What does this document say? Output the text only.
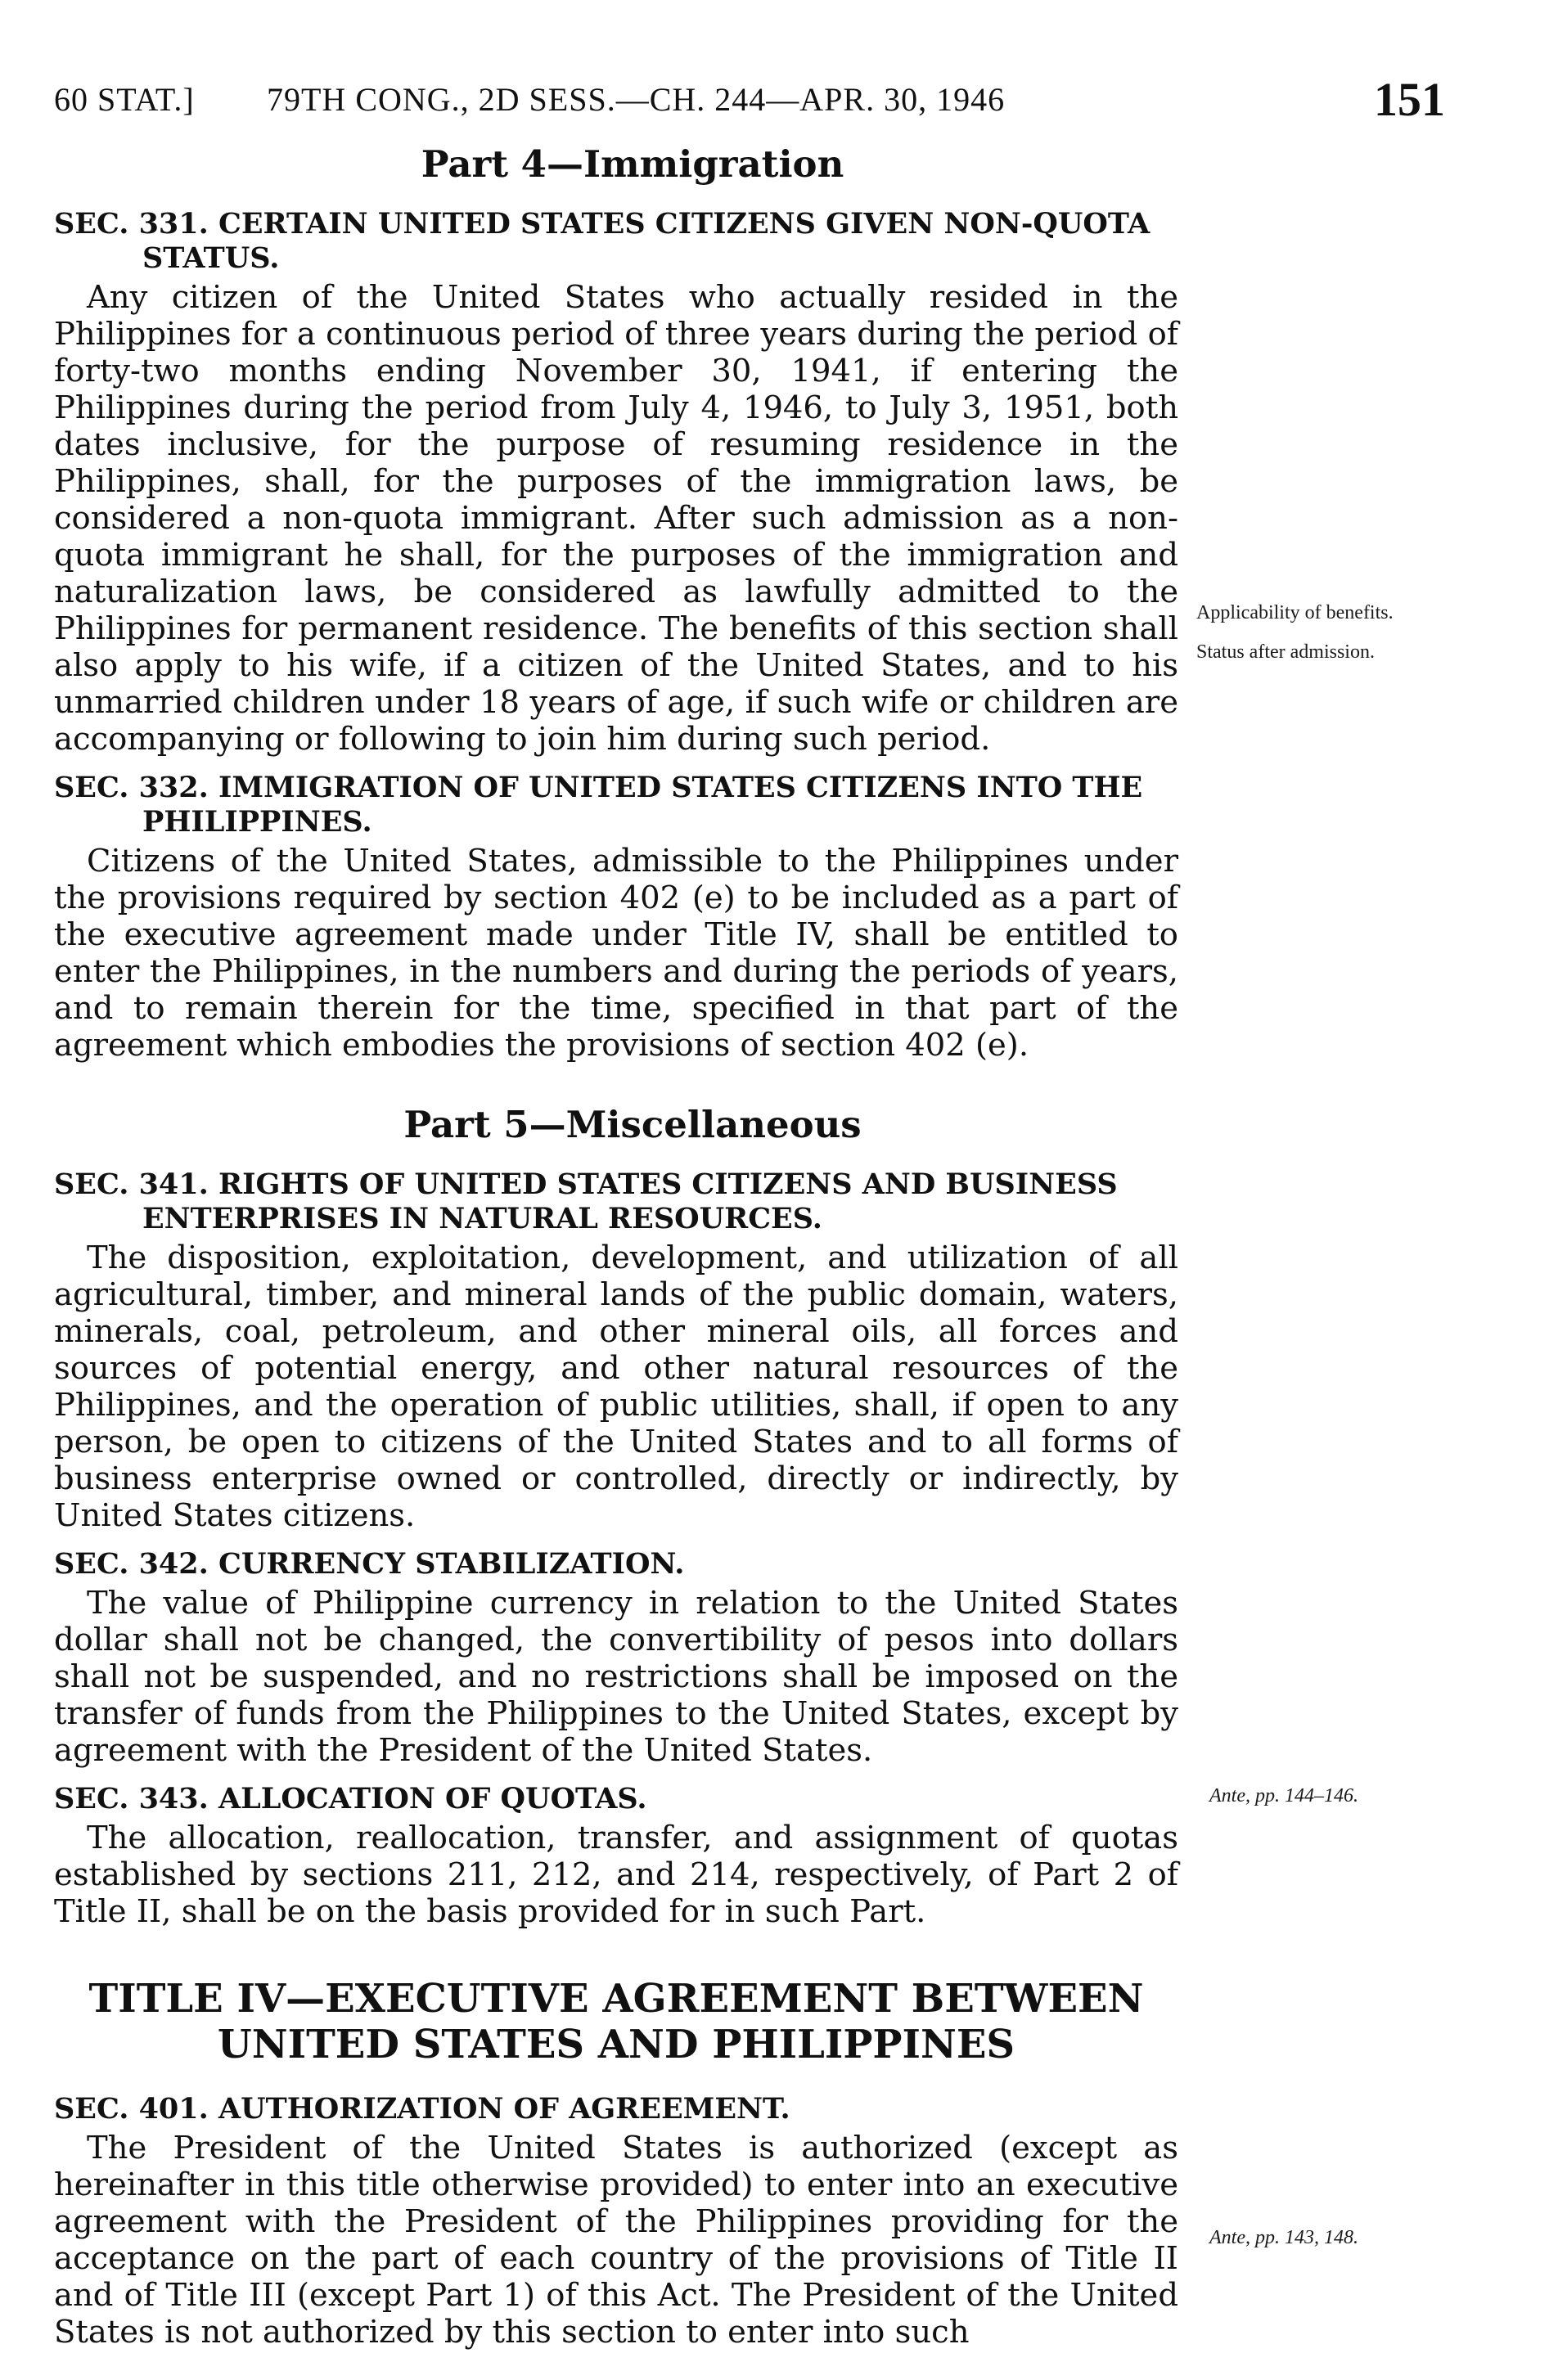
60 STAT.] 79TH CONG., 2D SESS.—CH. 244—APR. 30, 1946	151
Part 4—Immigration

SEC. 331. CERTAIN UNITED STATES CITIZENS GIVEN NON-QUOTA STATUS.

Any citizen of the United States who actually resided in the Philippines for a continuous period of three years during the period of forty-two months ending November 30, 1941, if entering the Philippines during the period from July 4, 1946, to July 3, 1951, both dates inclusive, for the purpose of resuming residence in the Philippines, shall, for the purposes of the immigration laws, be considered a non-quota immigrant. After such admission as a non-quota immigrant he shall, for the purposes of the immigration and naturalization laws, be considered as lawfully admitted to the Philippines for permanent residence. The benefits of this section shall also apply to his wife, if a citizen of the United States, and to his unmarried children under 18 years of age, if such wife or children are accompanying or following to join him during such period.

SEC. 332. IMMIGRATION OF UNITED STATES CITIZENS INTO THE PHILIPPINES.

Citizens of the United States, admissible to the Philippines under the provisions required by section 402 (e) to be included as a part of the executive agreement made under Title IV, shall be entitled to enter the Philippines, in the numbers and during the periods of years, and to remain therein for the time, specified in that part of the agreement which embodies the provisions of section 402 (e).

Part 5—Miscellaneous

SEC. 341. RIGHTS OF UNITED STATES CITIZENS AND BUSINESS ENTERPRISES IN NATURAL RESOURCES.

The disposition, exploitation, development, and utilization of all agricultural, timber, and mineral lands of the public domain, waters, minerals, coal, petroleum, and other mineral oils, all forces and sources of potential energy, and other natural resources of the Philippines, and the operation of public utilities, shall, if open to any person, be open to citizens of the United States and to all forms of business enterprise owned or controlled, directly or indirectly, by United States citizens.

SEC. 342. CURRENCY STABILIZATION.

The value of Philippine currency in relation to the United States dollar shall not be changed, the convertibility of pesos into dollars shall not be suspended, and no restrictions shall be imposed on the transfer of funds from the Philippines to the United States, except by agreement with the President of the United States.

SEC. 343. ALLOCATION OF QUOTAS.

The allocation, reallocation, transfer, and assignment of quotas established by sections 211, 212, and 214, respectively, of Part 2 of Title II, shall be on the basis provided for in such Part.

TITLE IV—EXECUTIVE AGREEMENT BETWEEN UNITED STATES AND PHILIPPINES

SEC. 401. AUTHORIZATION OF AGREEMENT.

The President of the United States is authorized (except as hereinafter in this title otherwise provided) to enter into an executive agreement with the President of the Philippines providing for the acceptance on the part of each country of the provisions of Title II and of Title III (except Part 1) of this Act. The President of the United States is not authorized by this section to enter into such

Status after admission.
Applicability of benefits.
Ante, pp. 144–146.
Ante, pp. 143, 148.
